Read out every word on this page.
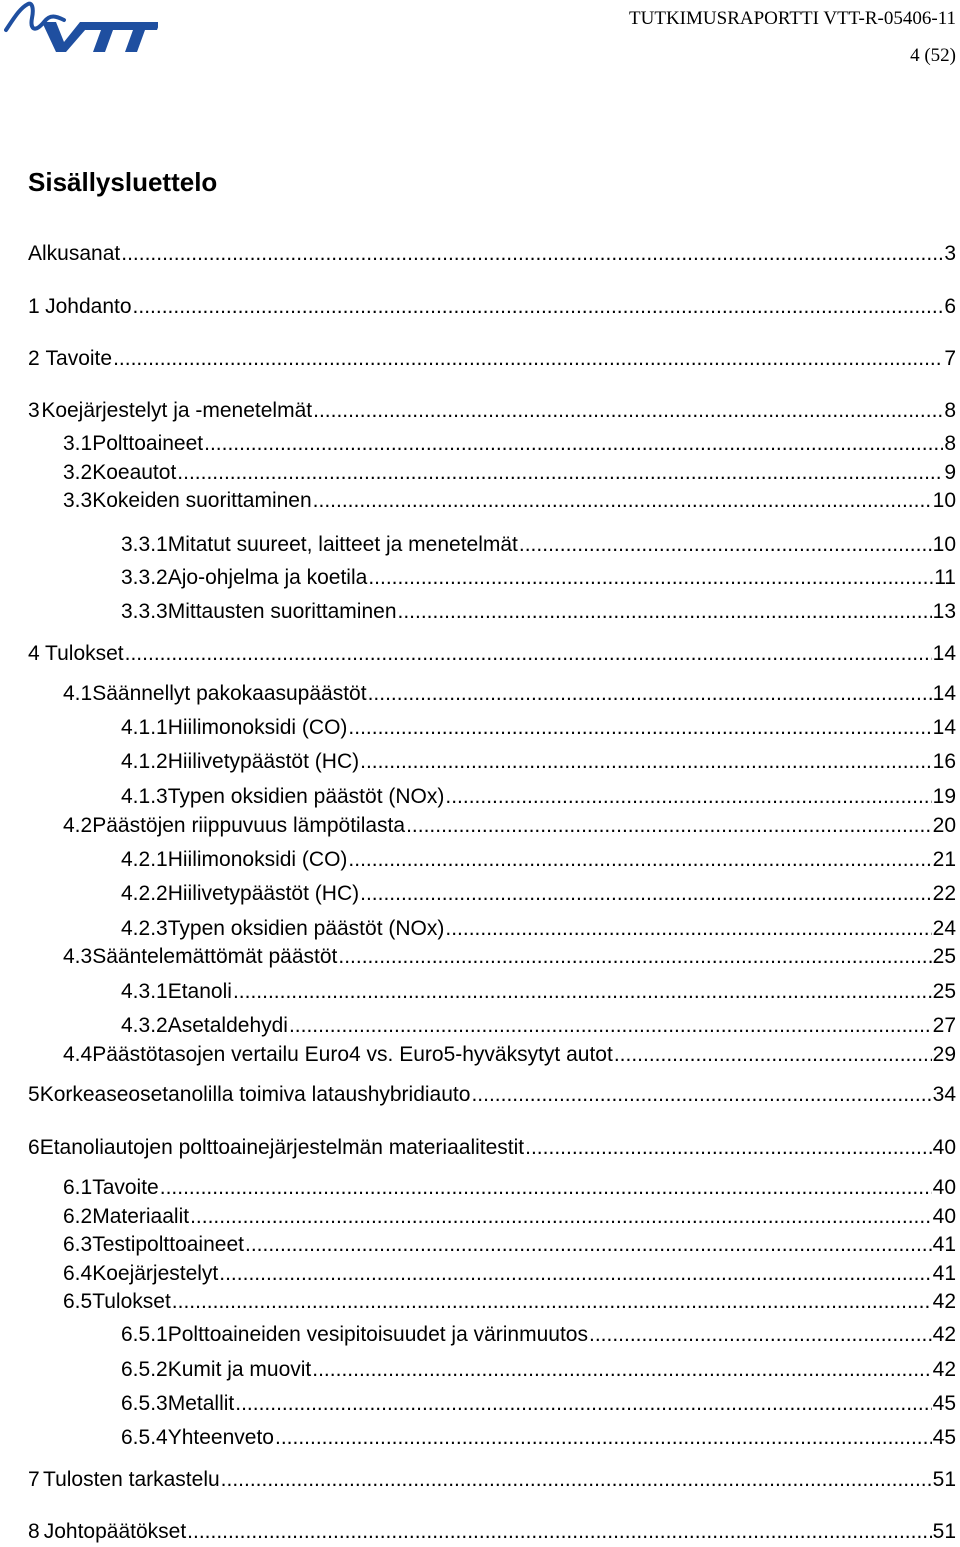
TUTKIMUSRAPORTTI VTT-R-05406-11
4 (52)
Sisällysluettelo
Alkusanat .....	3
1 Johdanto .....	6
2 Tavoite .....	7
3 Koejärjestelyt ja -menetelmät .....	8
3.1 Polttoaineet .....	8
3.2 Koeautot .....	9
3.3 Kokeiden suorittaminen .....	10
3.3.1 Mitatut suureet, laitteet ja menetelmät .....	10
3.3.2 Ajo-ohjelma ja koetila .....	11
3.3.3 Mittausten suorittaminen .....	13
4 Tulokset .....	14
4.1 Säännellyt pakokaasupäästöt .....	14
4.1.1 Hiilimonoksidi (CO) .....	14
4.1.2 Hiilivetypäästöt (HC) .....	16
4.1.3 Typen oksidien päästöt (NOx) .....	19
4.2 Päästöjen riippuvuus lämpötilasta .....	20
4.2.1 Hiilimonoksidi (CO) .....	21
4.2.2 Hiilivetypäästöt (HC) .....	22
4.2.3 Typen oksidien päästöt (NOx) .....	24
4.3 Sääntelemättömät päästöt .....	25
4.3.1 Etanoli .....	25
4.3.2 Asetaldehydi .....	27
4.4 Päästötasojen vertailu Euro4 vs. Euro5-hyväksytyt autot .....	29
5 Korkeaseosetanolilla toimiva lataushybridiauto .....	34
6 Etanoliautojen polttoainejärjestelmän materiaalitestit .....	40
6.1 Tavoite .....	40
6.2 Materiaalit .....	40
6.3 Testipolttoaineet .....	41
6.4 Koejärjestelyt .....	41
6.5 Tulokset .....	42
6.5.1 Polttoaineiden vesipitoisuudet ja värinmuutos .....	42
6.5.2 Kumit ja muovit .....	42
6.5.3 Metallit .....	45
6.5.4 Yhteenveto .....	45
7 Tulosten tarkastelu .....	51
8 Johtopäätökset .....	51
